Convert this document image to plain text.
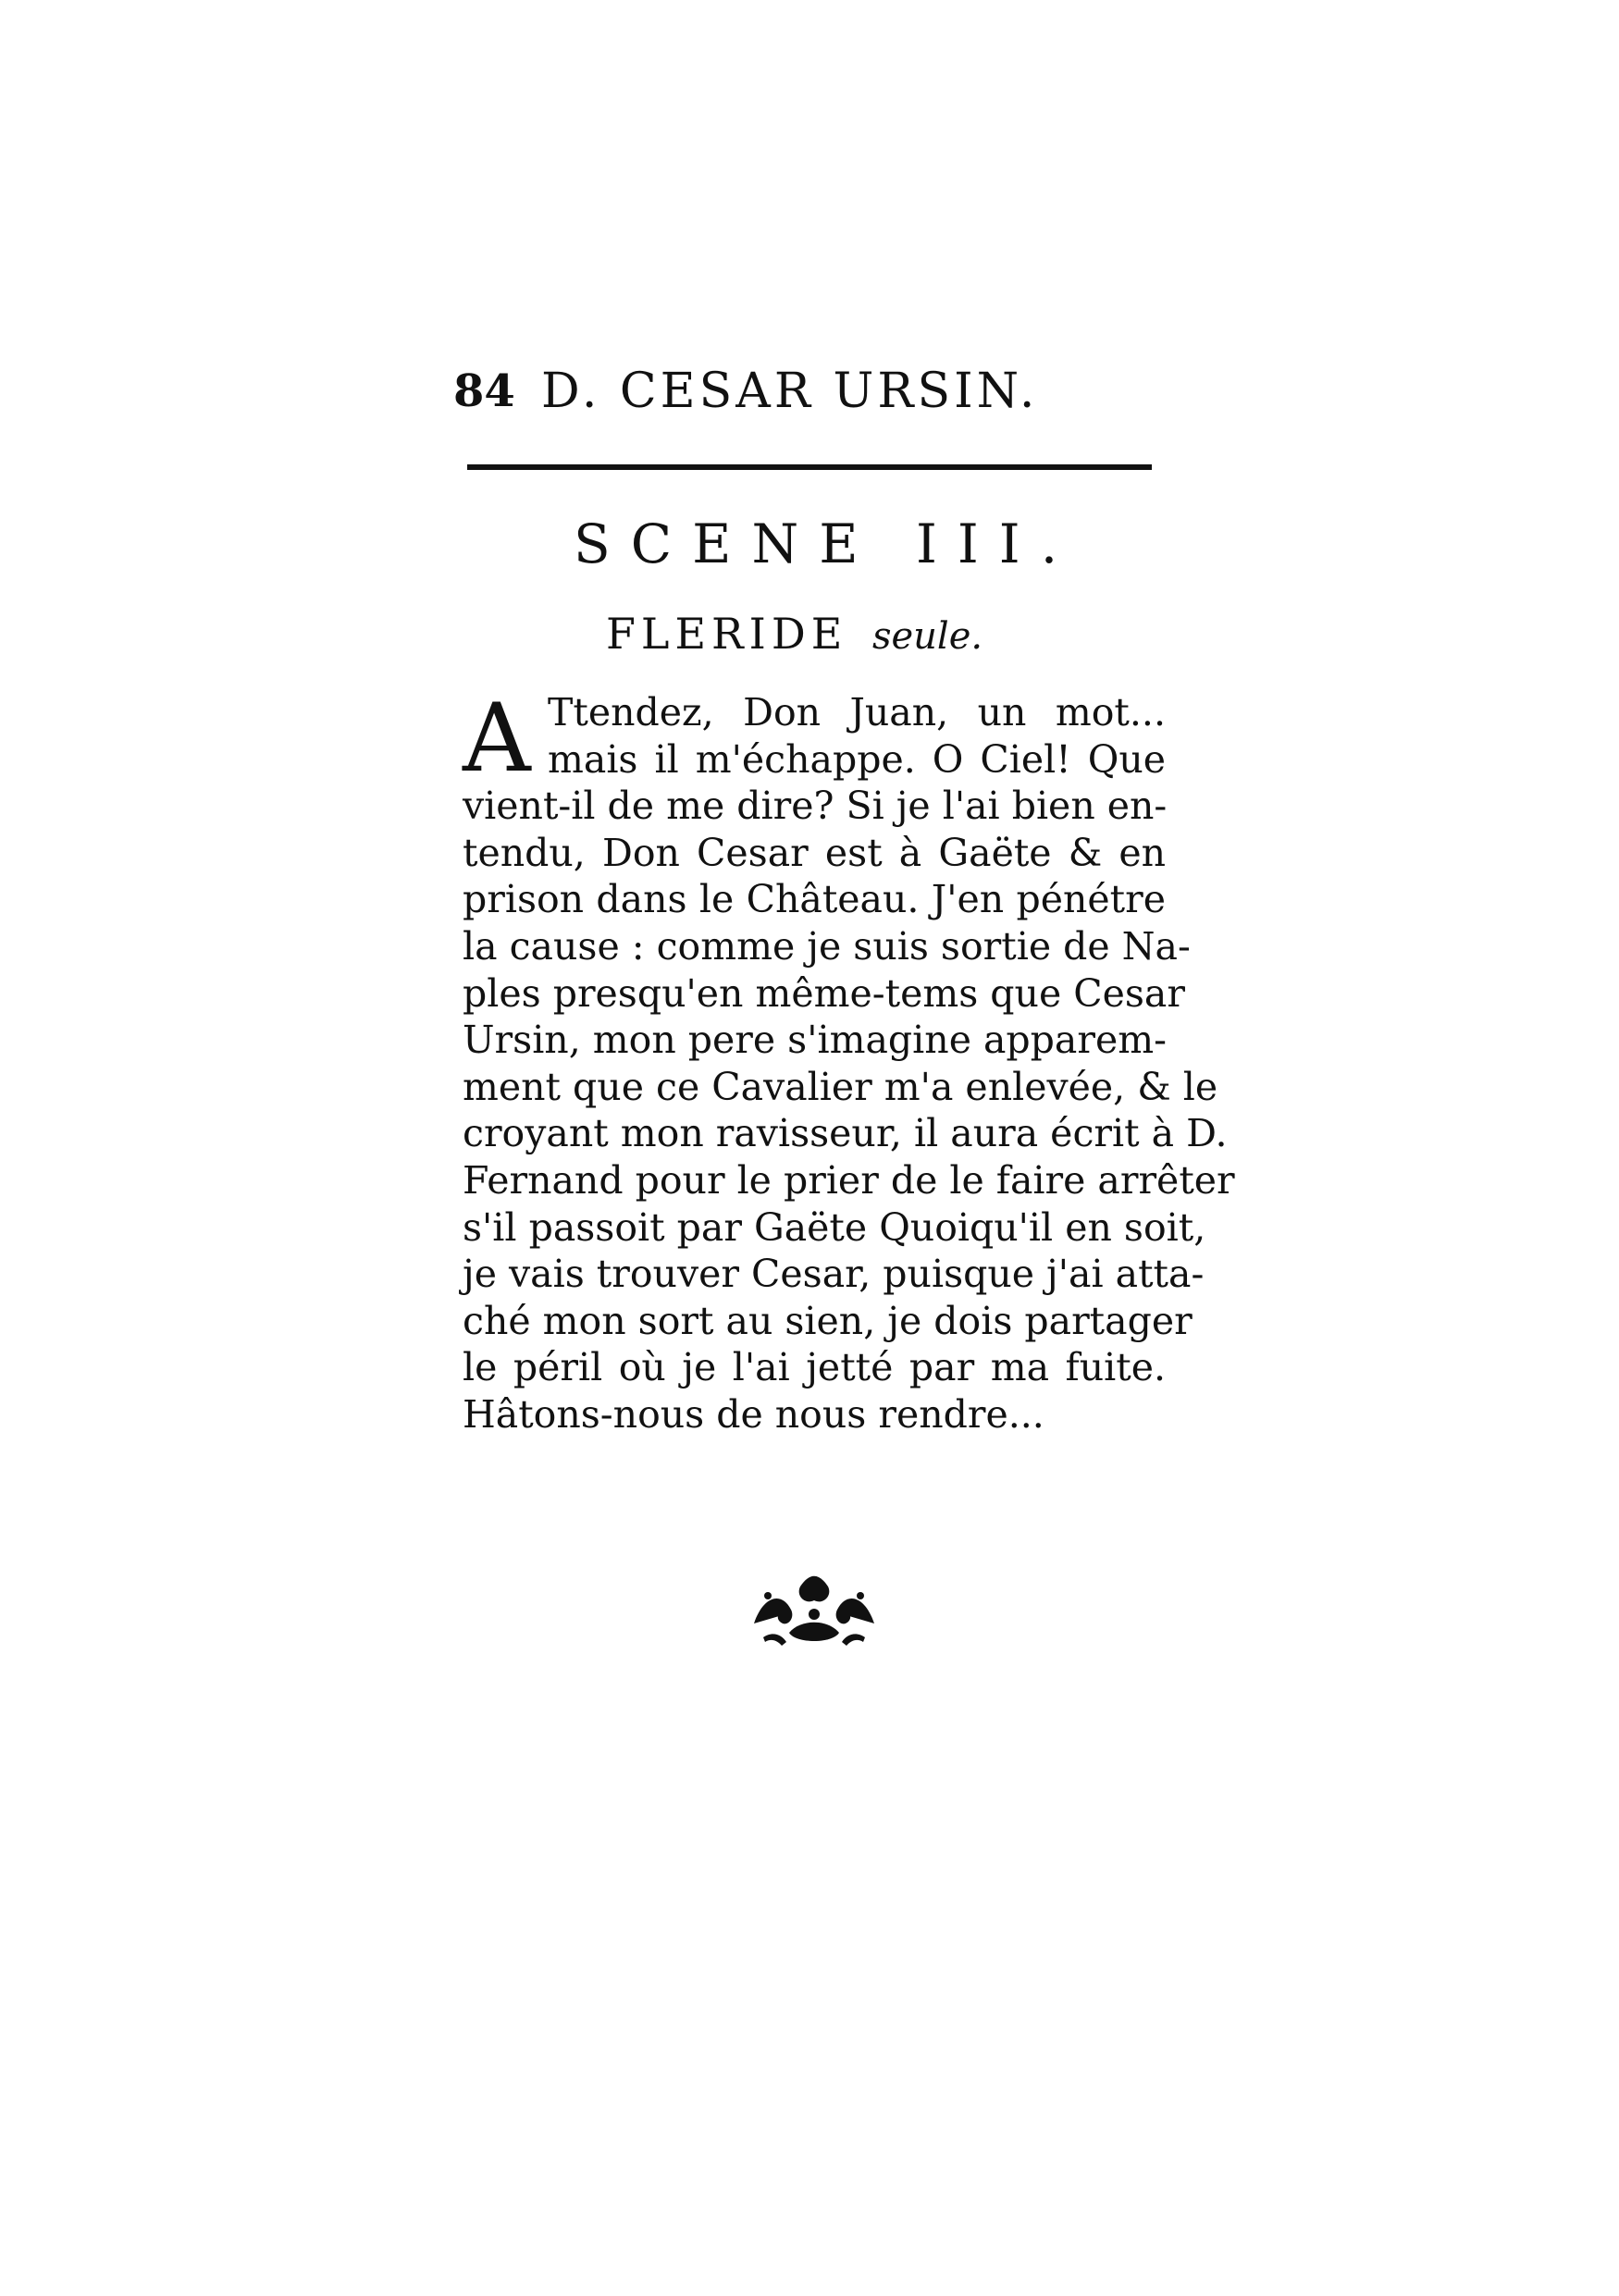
84 D. CESAR URSIN.
SCENE III.
FLERIDE seule.
A Ttendez, Don Juan, un mot...
mais il m'échappe. O Ciel! Que
vient-il de me dire? Si je l'ai bien en-
tendu, Don Cesar est à Gaëte & en
prison dans le Château. J'en pénétre
la cause : comme je suis sortie de Na-
ples presqu'en même-tems que Cesar
Ursin, mon pere s'imagine apparem-
ment que ce Cavalier m'a enlevée, & le
croyant mon ravisseur, il aura écrit à D.
Fernand pour le prier de le faire arrêter
s'il passoit par Gaëte Quoiqu'il en soit,
je vais trouver Cesar, puisque j'ai atta-
ché mon sort au sien, je dois partager
le péril où je l'ai jetté par ma fuite.
Hâtons-nous de nous rendre...
